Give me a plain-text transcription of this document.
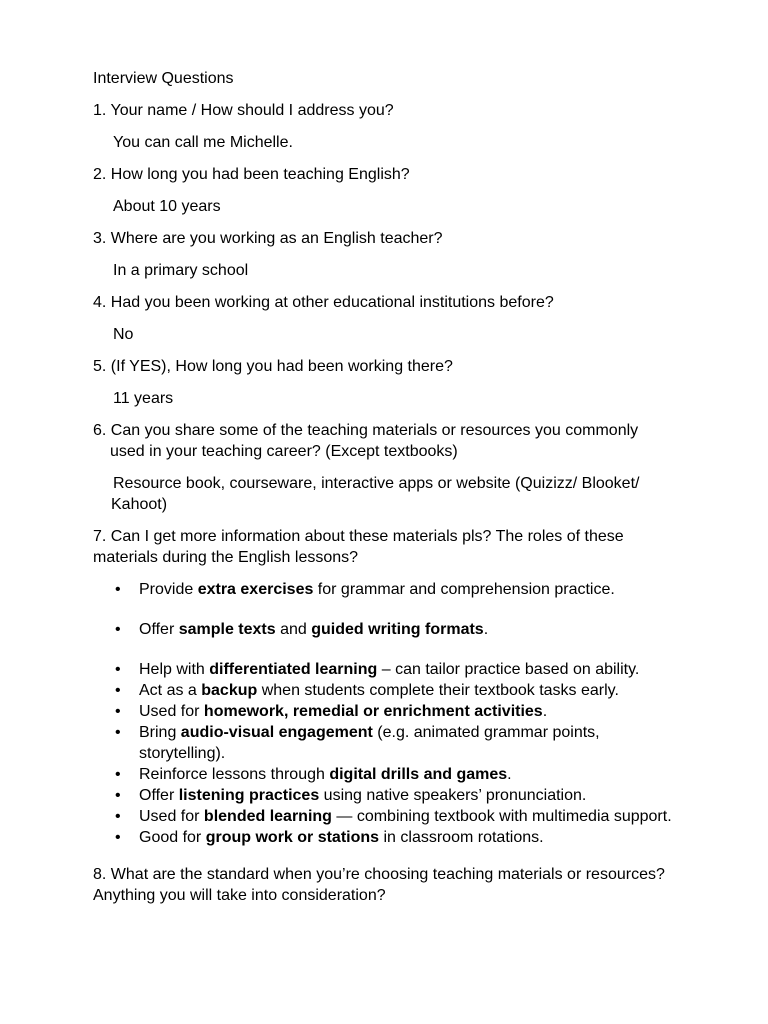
Interview Questions

1. Your name / How should I address you?

You can call me Michelle.

2. How long you had been teaching English?

About 10 years

3. Where are you working as an English teacher?

In a primary school

4. Had you been working at other educational institutions before?

No

5. (If YES), How long you had been working there?

11 years

6. Can you share some of the teaching materials or resources you commonly used in your teaching career? (Except textbooks)

Resource book, courseware, interactive apps or website (Quizizz/ Blooket/ Kahoot)

7. Can I get more information about these materials pls? The roles of these materials during the English lessons?

• Provide extra exercises for grammar and comprehension practice.
• Offer sample texts and guided writing formats.
• Help with differentiated learning – can tailor practice based on ability.
• Act as a backup when students complete their textbook tasks early.
• Used for homework, remedial or enrichment activities.
• Bring audio-visual engagement (e.g. animated grammar points, storytelling).
• Reinforce lessons through digital drills and games.
• Offer listening practices using native speakers’ pronunciation.
• Used for blended learning — combining textbook with multimedia support.
• Good for group work or stations in classroom rotations.

8. What are the standard when you’re choosing teaching materials or resources? Anything you will take into consideration?
